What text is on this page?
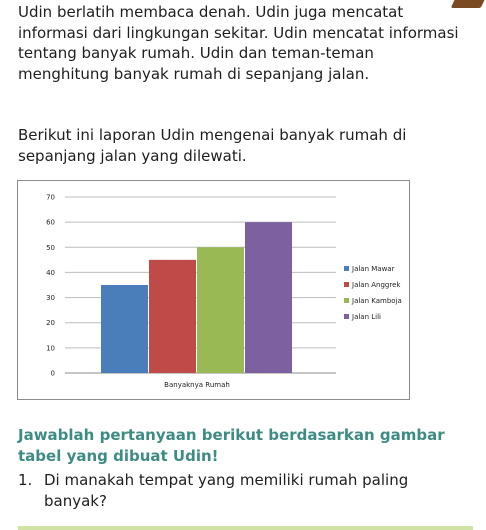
Udin berlatih membaca denah. Udin juga mencatat informasi dari lingkungan sekitar. Udin mencatat informasi tentang banyak rumah. Udin dan teman-teman menghitung banyak rumah di sepanjang jalan.

Berikut ini laporan Udin mengenai banyak rumah di sepanjang jalan yang dilewati.

0
10
20
30
40
50
60
70
Banyaknya Rumah
Jalan Mawar
Jalan Anggrek
Jalan Kamboja
Jalan Lili

Jawablah pertanyaan berikut berdasarkan gambar tabel yang dibuat Udin!

1. Di manakah tempat yang memiliki rumah paling banyak?
